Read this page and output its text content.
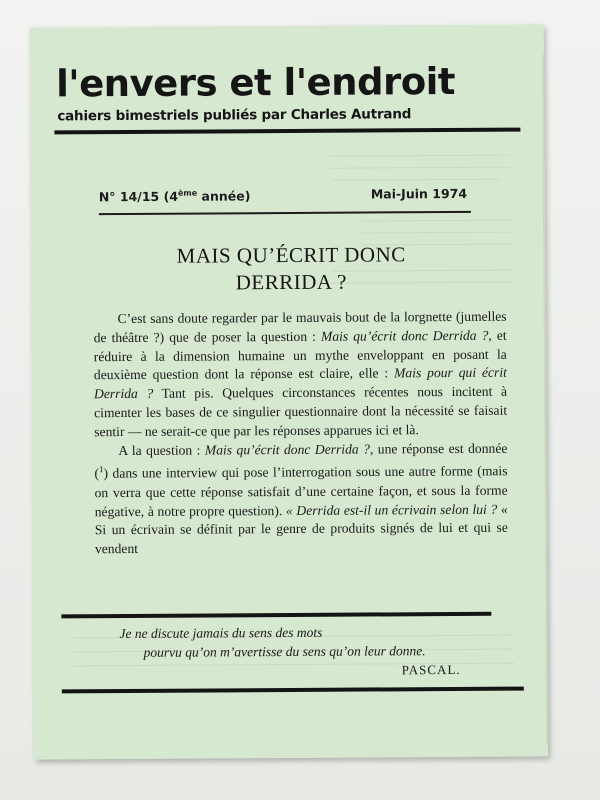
l'envers et l'endroit
cahiers bimestriels publiés par Charles Autrand
N° 14/15 (4ème année)	Mai-Juin 1974
MAIS QU’ÉCRIT DONC
DERRIDA ?

C’est sans doute regarder par le mauvais bout de la lorgnette (jumelles de théâtre ?) que de poser la question : Mais qu’écrit donc Derrida ?, et réduire à la dimension humaine un mythe enveloppant en posant la deuxième question dont la réponse est claire, elle : Mais pour qui écrit Derrida ? Tant pis. Quelques circonstances récentes nous incitent à cimenter les bases de ce singulier questionnaire dont la nécessité se faisait sentir — ne serait-ce que par les réponses apparues ici et là.

A la question : Mais qu’écrit donc Derrida ?, une réponse est donnée ($^1$) dans une interview qui pose l’interrogation sous une autre forme (mais on verra que cette réponse satisfait d’une certaine façon, et sous la forme négative, à notre propre question). « Derrida est-il un écrivain selon lui ? « Si un écrivain se définit par le genre de produits signés de lui et qui se vendent

Je ne discute jamais du sens des mots
pourvu qu’on m’avertisse du sens qu’on leur donne.
PASCAL.
